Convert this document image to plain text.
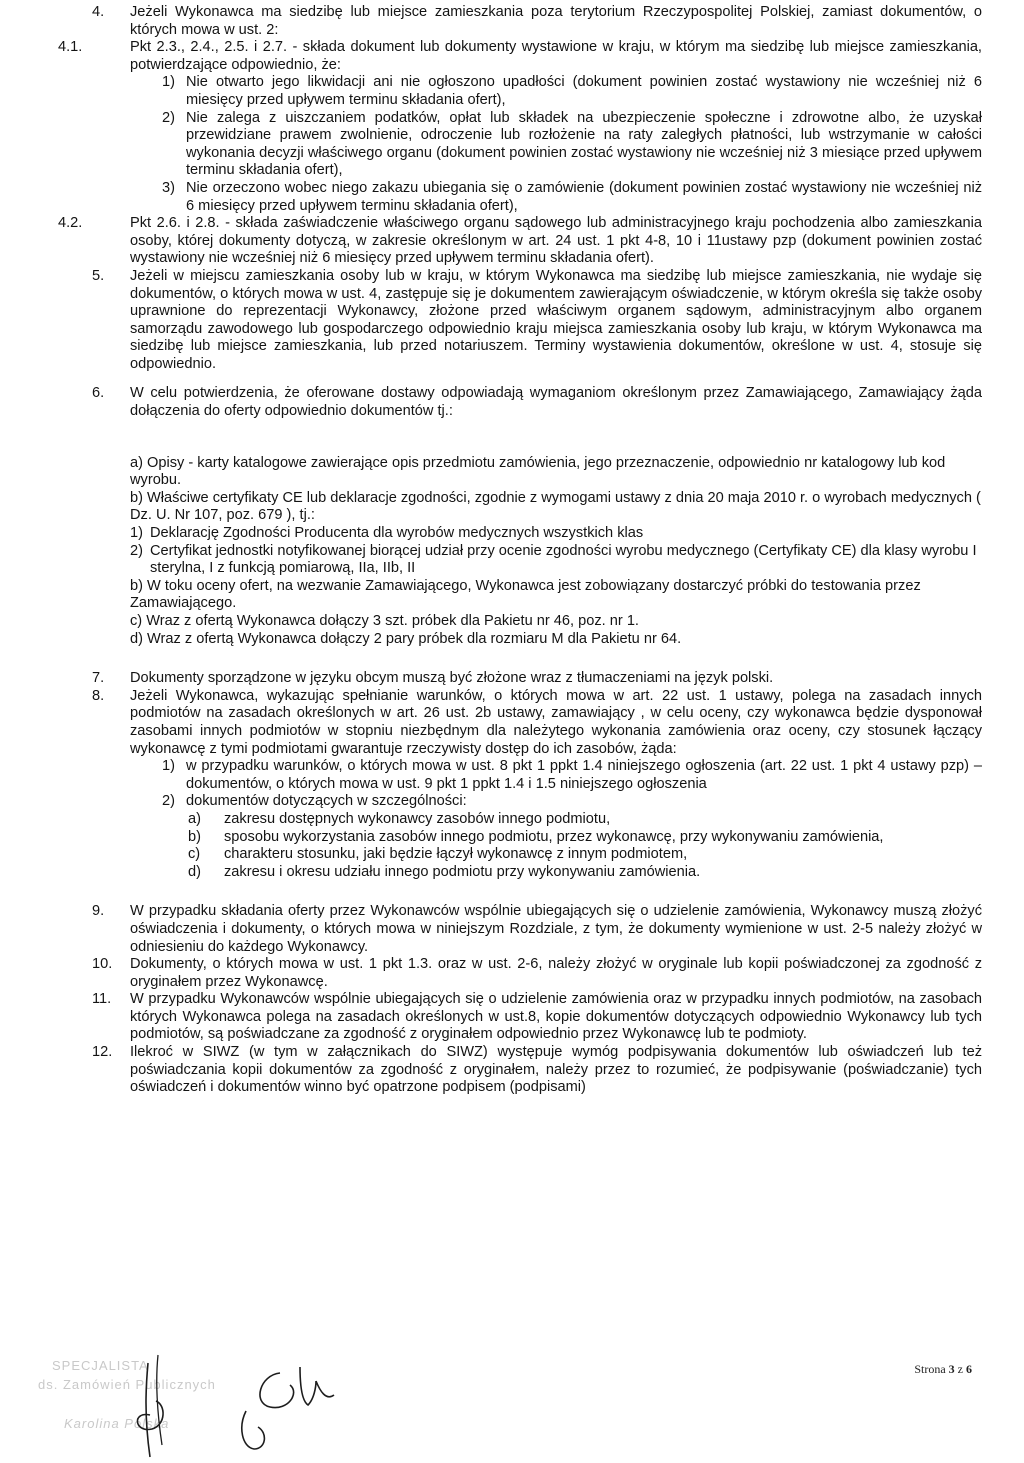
4. Jeżeli Wykonawca ma siedzibę lub miejsce zamieszkania poza terytorium Rzeczypospolitej Polskiej, zamiast dokumentów, o których mowa w ust. 2:
4.1.	Pkt 2.3., 2.4., 2.5. i 2.7. - składa dokument lub dokumenty wystawione w kraju, w którym ma siedzibę lub miejsce zamieszkania, potwierdzające odpowiednio, że:
1) Nie otwarto jego likwidacji ani nie ogłoszono upadłości (dokument powinien zostać wystawiony nie wcześniej niż 6 miesięcy przed upływem terminu składania ofert),
2) Nie zalega z uiszczaniem podatków, opłat lub składek na ubezpieczenie społeczne i zdrowotne albo, że uzyskał przewidziane prawem zwolnienie, odroczenie lub rozłożenie na raty zaległych płatności, lub wstrzymanie w całości wykonania decyzji właściwego organu (dokument powinien zostać wystawiony nie wcześniej niż 3 miesiące przed upływem terminu składania ofert),
3) Nie orzeczono wobec niego zakazu ubiegania się o zamówienie (dokument powinien zostać wystawiony nie wcześniej niż 6 miesięcy przed upływem terminu składania ofert),
4.2.	Pkt 2.6. i 2.8. - składa zaświadczenie właściwego organu sądowego lub administracyjnego kraju pochodzenia albo zamieszkania osoby, której dokumenty dotyczą, w zakresie określonym w art. 24 ust. 1 pkt 4-8, 10 i 11ustawy pzp (dokument powinien zostać wystawiony nie wcześniej niż 6 miesięcy przed upływem terminu składania ofert).
5. Jeżeli w miejscu zamieszkania osoby lub w kraju, w którym Wykonawca ma siedzibę lub miejsce zamieszkania, nie wydaje się dokumentów, o których mowa w ust. 4, zastępuje się je dokumentem zawierającym oświadczenie, w którym określa się także osoby uprawnione do reprezentacji Wykonawcy, złożone przed właściwym organem sądowym, administracyjnym albo organem samorządu zawodowego lub gospodarczego odpowiednio kraju miejsca zamieszkania osoby lub kraju, w którym Wykonawca ma siedzibę lub miejsce zamieszkania, lub przed notariuszem. Terminy wystawienia dokumentów, określone w ust. 4, stosuje się odpowiednio.
6. W celu potwierdzenia, że oferowane dostawy odpowiadają wymaganiom określonym przez Zamawiającego, Zamawiający żąda dołączenia do oferty odpowiednio dokumentów tj.:
a) Opisy - karty katalogowe zawierające opis przedmiotu zamówienia, jego przeznaczenie, odpowiednio nr katalogowy lub kod wyrobu.
b) Właściwe certyfikaty CE lub deklaracje zgodności, zgodnie z wymogami ustawy z dnia 20 maja 2010 r. o wyrobach medycznych ( Dz. U. Nr 107, poz. 679 ), tj.:
1) Deklarację Zgodności Producenta dla wyrobów medycznych wszystkich klas
2) Certyfikat jednostki notyfikowanej biorącej udział przy ocenie zgodności wyrobu medycznego (Certyfikaty CE) dla klasy wyrobu I sterylna, I z funkcją pomiarową, IIa, IIb, II
b) W toku oceny ofert, na wezwanie Zamawiającego, Wykonawca jest zobowiązany dostarczyć próbki do testowania przez Zamawiającego.
c) Wraz z ofertą Wykonawca dołączy 3 szt. próbek dla Pakietu nr 46, poz. nr 1.
d) Wraz z ofertą Wykonawca dołączy 2 pary próbek dla rozmiaru M dla Pakietu nr 64.
7. Dokumenty sporządzone w języku obcym muszą być złożone wraz z tłumaczeniami na język polski.
8. Jeżeli Wykonawca, wykazując spełnianie warunków, o których mowa w art. 22 ust. 1 ustawy, polega na zasadach innych podmiotów na zasadach określonych w art. 26 ust. 2b ustawy, zamawiający , w celu oceny, czy wykonawca będzie dysponował zasobami innych podmiotów w stopniu niezbędnym dla należytego wykonania zamówienia oraz oceny, czy stosunek łączący wykonawcę z tymi podmiotami gwarantuje rzeczywisty dostęp do ich zasobów, żąda:
1) w przypadku warunków, o których mowa w ust. 8 pkt 1 ppkt 1.4 niniejszego ogłoszenia (art. 22 ust. 1 pkt 4 ustawy pzp) – dokumentów, o których mowa w ust. 9 pkt 1 ppkt 1.4 i 1.5 niniejszego ogłoszenia
2) dokumentów dotyczących w szczególności:
a) zakresu dostępnych wykonawcy zasobów innego podmiotu,
b) sposobu wykorzystania zasobów innego podmiotu, przez wykonawcę, przy wykonywaniu zamówienia,
c) charakteru stosunku, jaki będzie łączył wykonawcę z innym podmiotem,
d) zakresu i okresu udziału innego podmiotu przy wykonywaniu zamówienia.
9. W przypadku składania oferty przez Wykonawców wspólnie ubiegających się o udzielenie zamówienia, Wykonawcy muszą złożyć oświadczenia i dokumenty, o których mowa w niniejszym Rozdziale, z tym, że dokumenty wymienione w ust. 2-5 należy złożyć w odniesieniu do każdego Wykonawcy.
10. Dokumenty, o których mowa w ust. 1 pkt 1.3. oraz w ust. 2-6, należy złożyć w oryginale lub kopii poświadczonej za zgodność z oryginałem przez Wykonawcę.
11. W przypadku Wykonawców wspólnie ubiegających się o udzielenie zamówienia oraz w przypadku innych podmiotów, na zasobach których Wykonawca polega na zasadach określonych w ust.8, kopie dokumentów dotyczących odpowiednio Wykonawcy lub tych podmiotów, są poświadczane za zgodność z oryginałem odpowiednio przez Wykonawcę lub te podmioty.
12. Ilekroć w SIWZ (w tym w załącznikach do SIWZ) występuje wymóg podpisywania dokumentów lub oświadczeń lub też poświadczania kopii dokumentów za zgodność z oryginałem, należy przez to rozumieć, że podpisywanie (poświadczanie) tych oświadczeń i dokumentów winno być opatrzone podpisem (podpisami)
SPECJALISTA
ds. Zamówień Publicznych
Karolina Polska
Strona 3 z 6
